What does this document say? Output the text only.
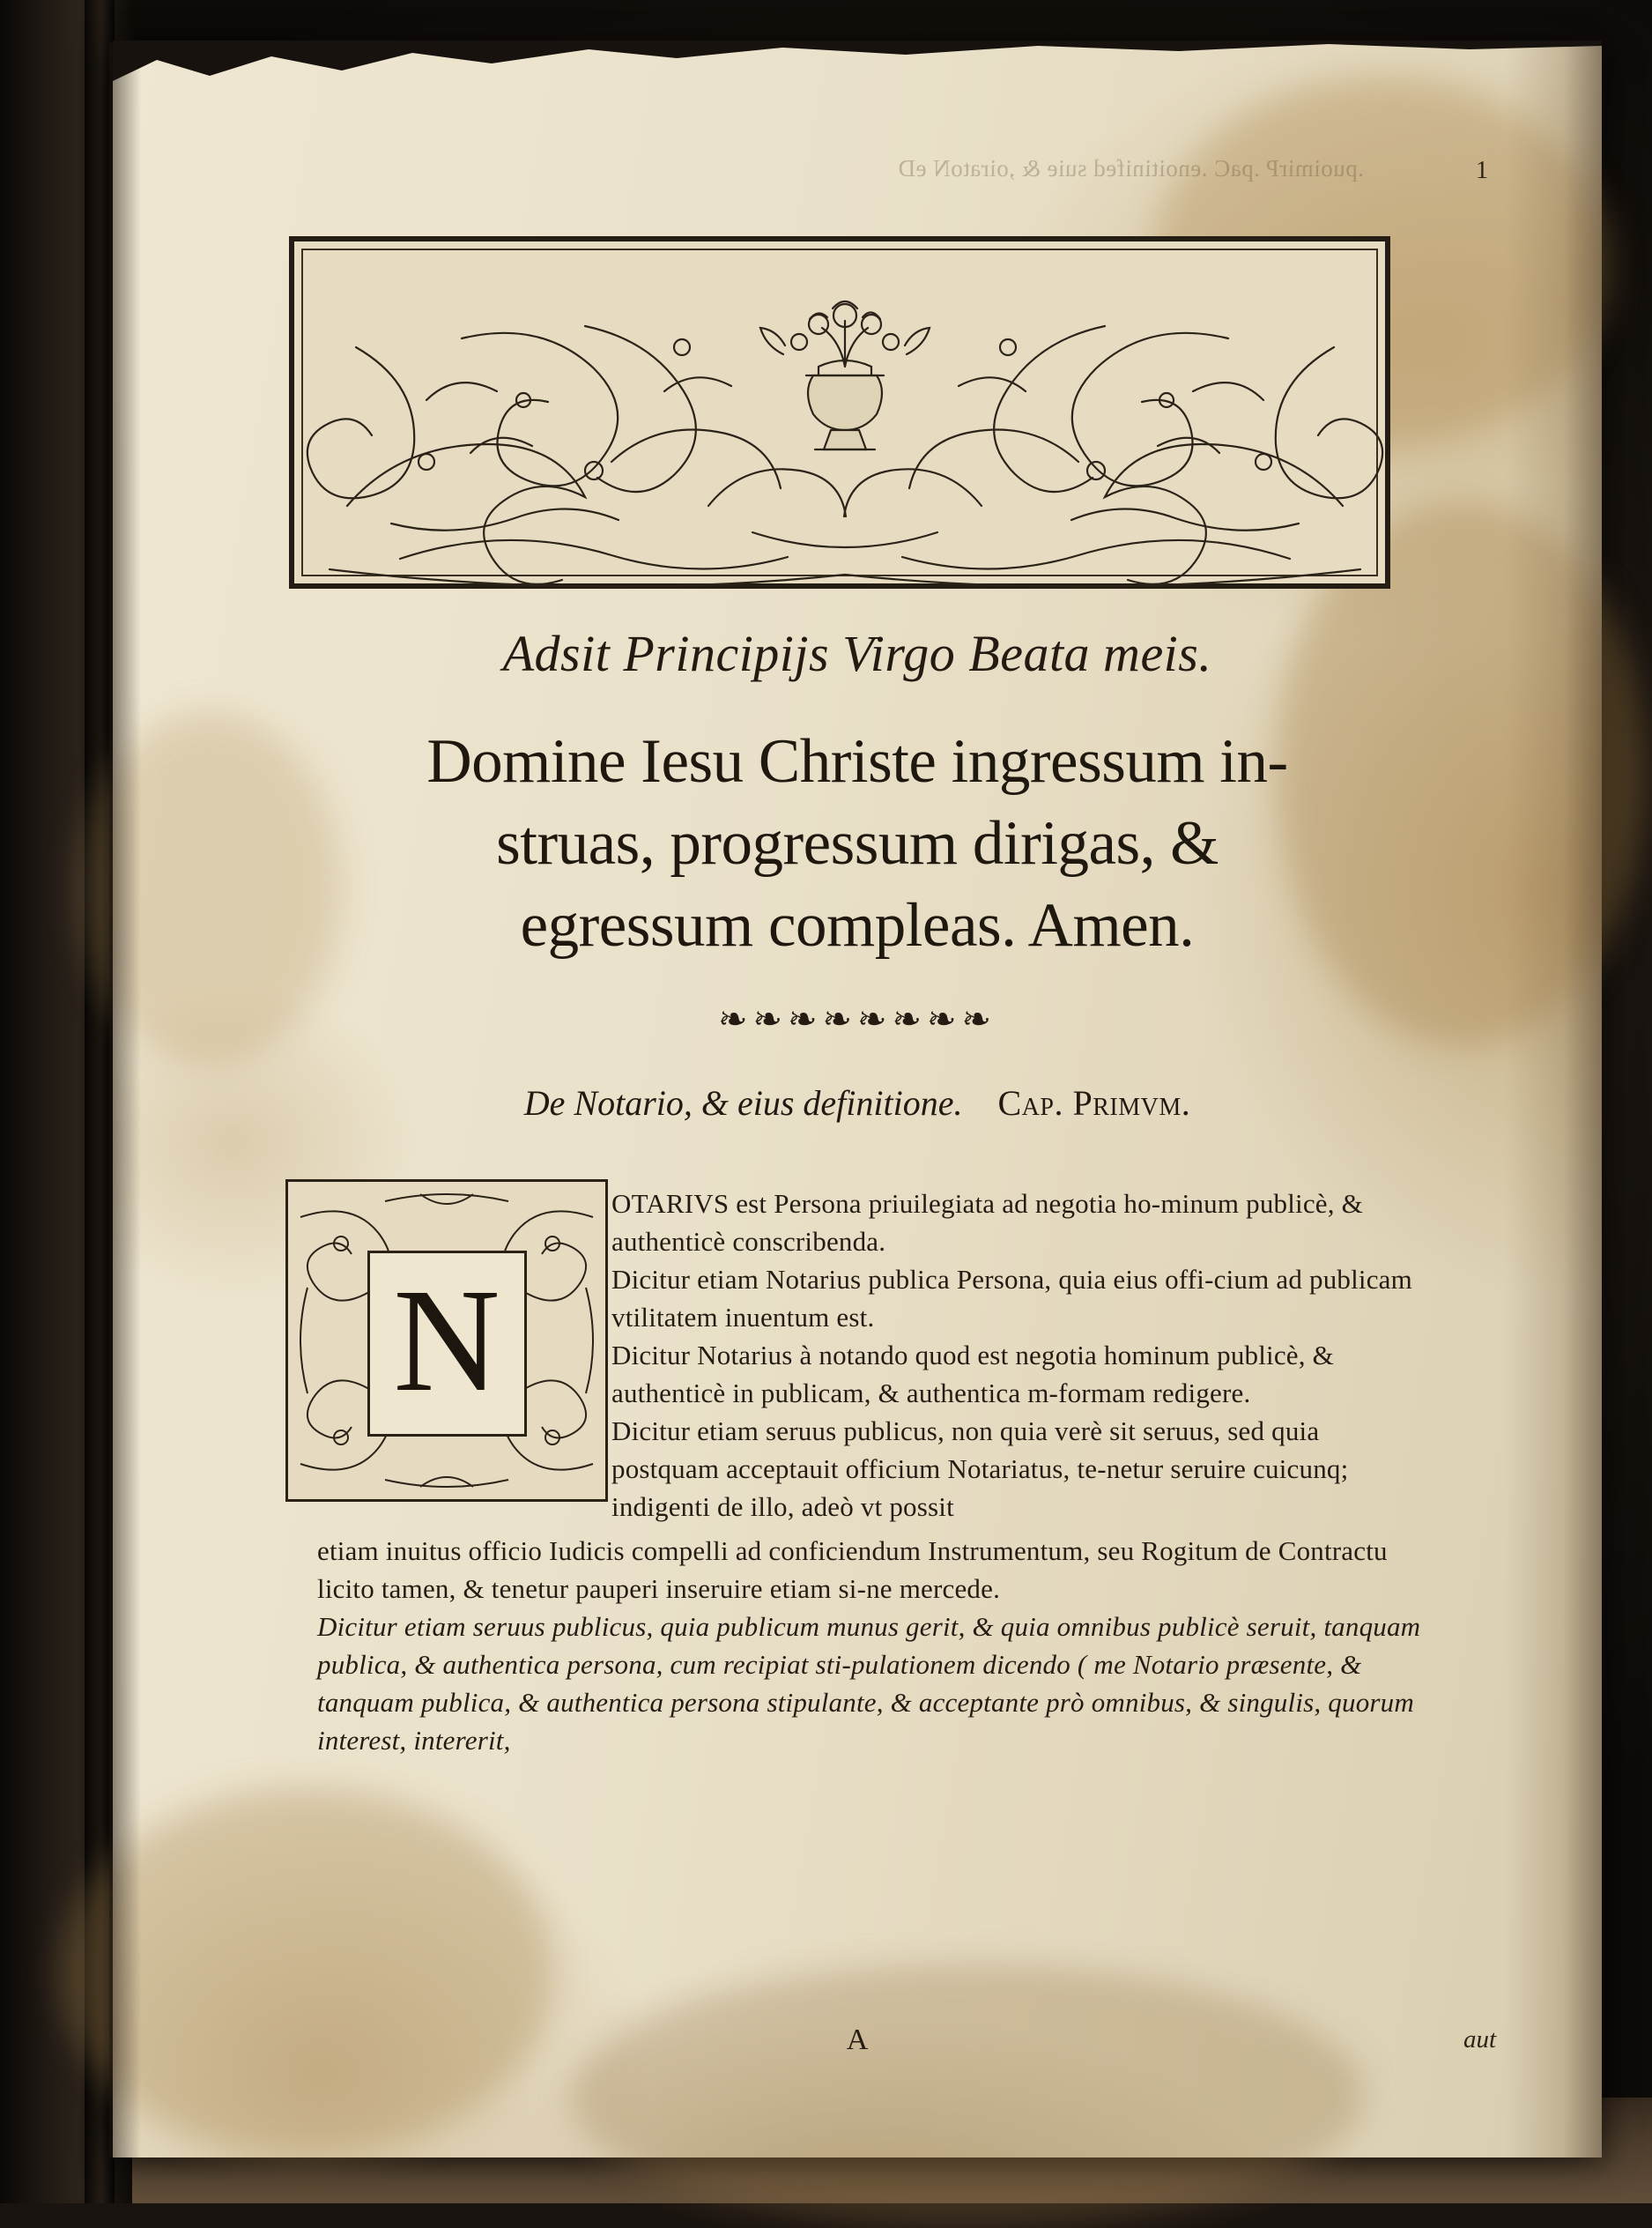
.puoimirP .paC .enoitinifed suie & ,oiratoN eD
	1
Adsit Principijs Virgo Beata meis.
Domine Iesu Christe ingressum in-
struas, progressum dirigas, &
egressum compleas. Amen.
❧❧❧❧❧❧❧❧
De Notario, & eius definitione. Cap. Primvm.
N

OTARIVS est Persona priuilegiata ad negotia ho-minum publicè, & authenticè conscribenda.

Dicitur etiam Notarius publica Persona, quia eius offi-cium ad publicam vtilitatem inuentum est.

Dicitur Notarius à notando quod est negotia hominum publicè, & authenticè in publicam, & authentica m-formam redigere.

Dicitur etiam seruus publicus, non quia verè sit seruus, sed quia postquam acceptauit officium Notariatus, te-netur seruire cuicunq; indigenti de illo, adeò vt possit

etiam inuitus officio Iudicis compelli ad conficiendum Instrumentum, seu Rogitum de Contractu licito tamen, & tenetur pauperi inseruire etiam si-ne mercede.

Dicitur etiam seruus publicus, quia publicum munus gerit, & quia omnibus publicè seruit, tanquam publica, & authentica persona, cum recipiat sti-pulationem dicendo ( me Notario præsente, & tanquam publica, & authentica persona stipulante, & acceptante prò omnibus, & singulis, quorum interest, intererit,

A	aut
